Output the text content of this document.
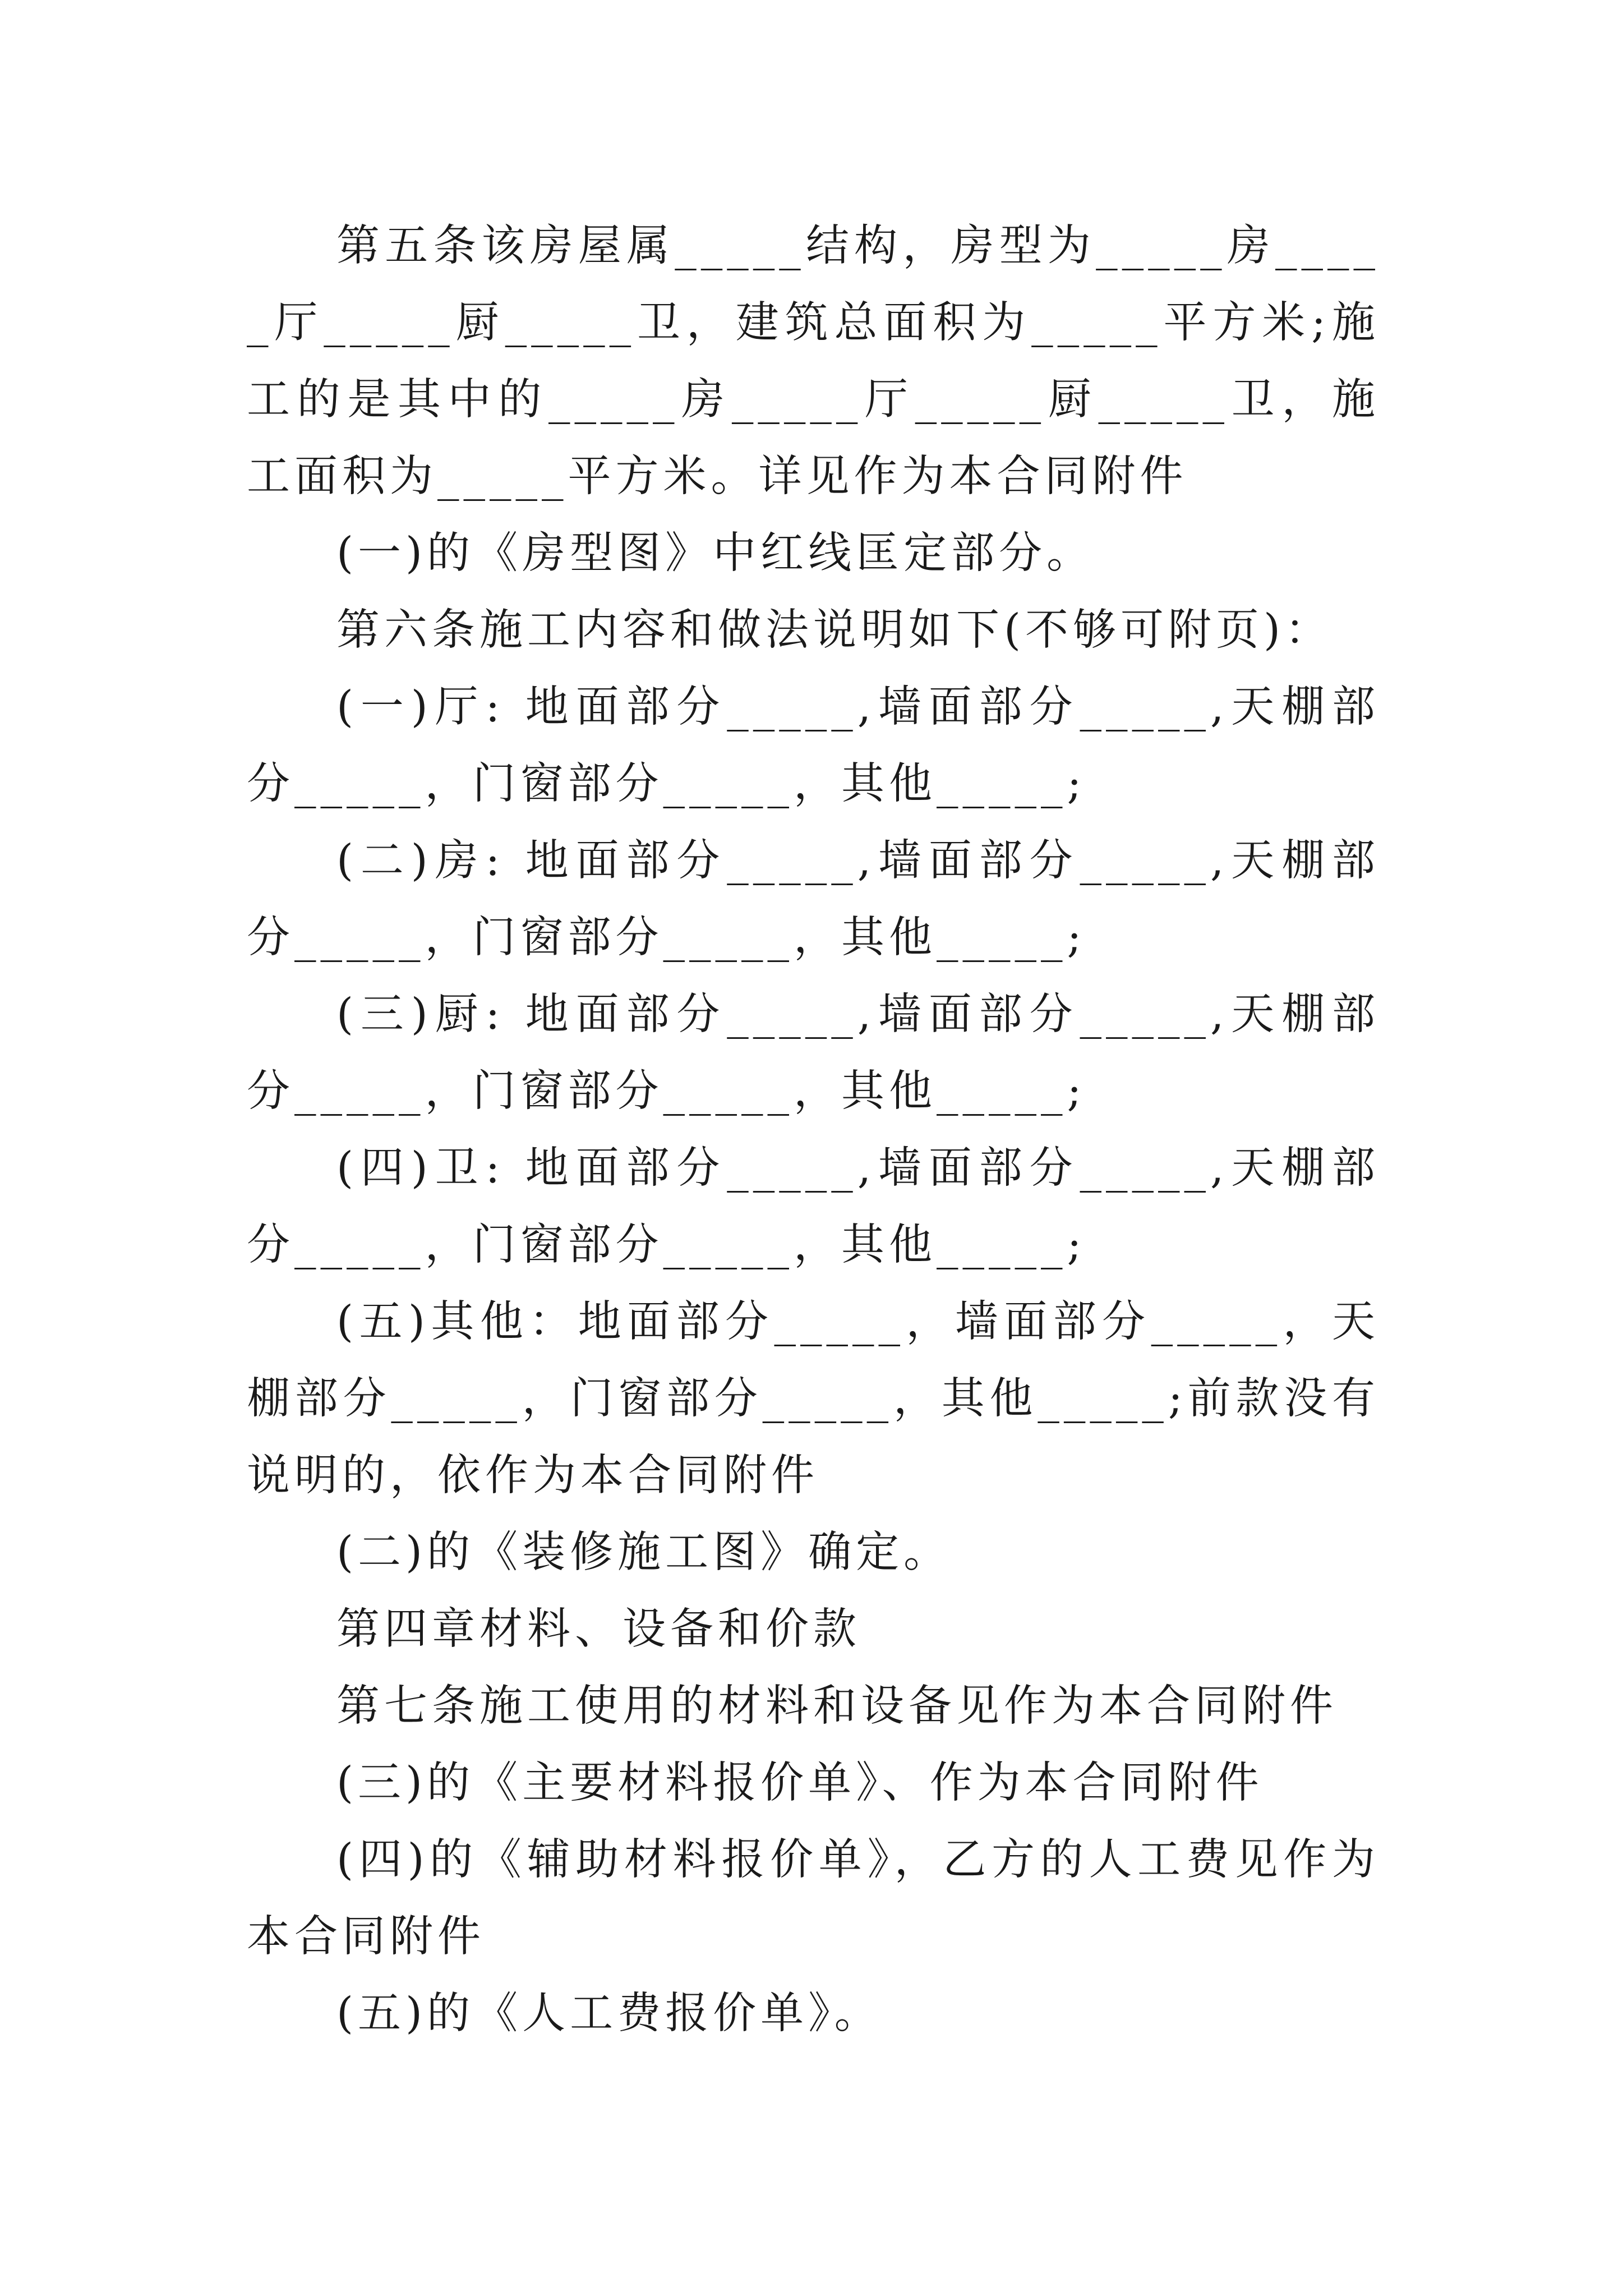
第五条该房屋属_____结构，房型为_____房_____厅_____厨_____卫，建筑总面积为_____平方米;施工的是其中的_____房_____厅_____厨_____卫，施工面积为_____平方米。详见作为本合同附件

(一)的《房型图》中红线匡定部分。

第六条施工内容和做法说明如下(不够可附页)：

(一)厅: 地面部分_____,墙面部分_____,天棚部分_____，门窗部分_____，其他_____;

(二)房: 地面部分_____,墙面部分_____,天棚部分_____，门窗部分_____，其他_____;

(三)厨: 地面部分_____,墙面部分_____,天棚部分_____，门窗部分_____，其他_____;

(四)卫: 地面部分_____,墙面部分_____,天棚部分_____，门窗部分_____，其他_____;

(五)其他：地面部分_____，墙面部分_____，天棚部分_____，门窗部分_____，其他_____;前款没有说明的，依作为本合同附件

(二)的《装修施工图》确定。

第四章材料、设备和价款

第七条施工使用的材料和设备见作为本合同附件

(三)的《主要材料报价单》、作为本合同附件

(四)的《辅助材料报价单》，乙方的人工费见作为本合同附件

(五)的《人工费报价单》。
